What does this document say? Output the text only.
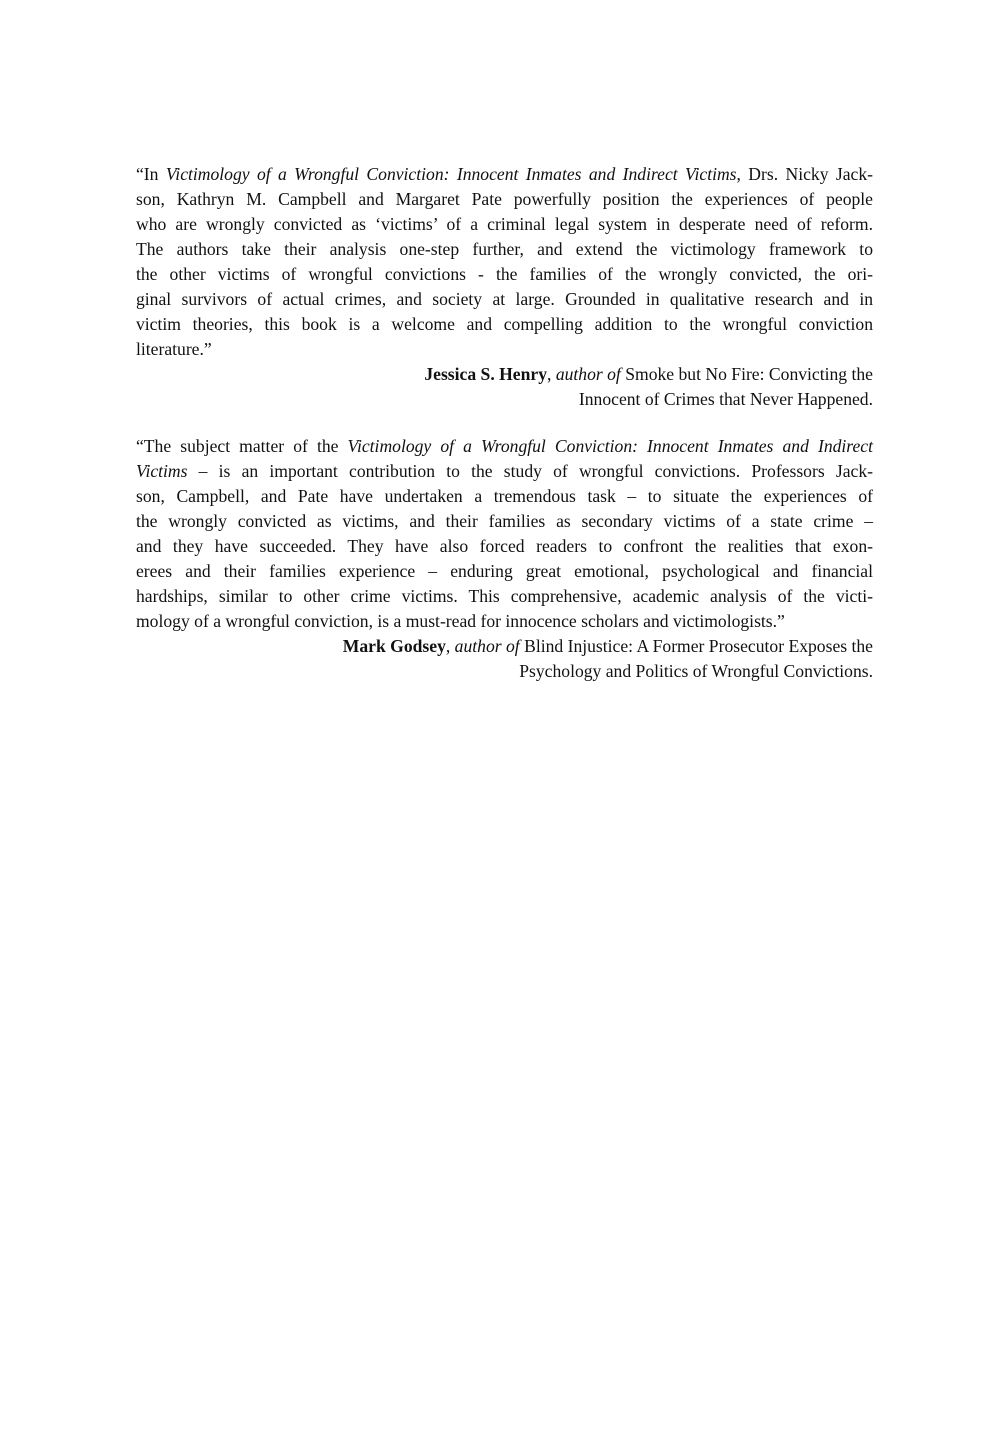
“In Victimology of a Wrongful Conviction: Innocent Inmates and Indirect Victims, Drs. Nicky Jack-
son, Kathryn M. Campbell and Margaret Pate powerfully position the experiences of people
who are wrongly convicted as ‘victims’ of a criminal legal system in desperate need of reform.
The authors take their analysis one-step further, and extend the victimology framework to
the other victims of wrongful convictions - the families of the wrongly convicted, the ori-
ginal survivors of actual crimes, and society at large. Grounded in qualitative research and in
victim theories, this book is a welcome and compelling addition to the wrongful conviction
literature.”
Jessica S. Henry, author of Smoke but No Fire: Convicting the
Innocent of Crimes that Never Happened.
“The subject matter of the Victimology of a Wrongful Conviction: Innocent Inmates and Indirect
Victims – is an important contribution to the study of wrongful convictions. Professors Jack-
son, Campbell, and Pate have undertaken a tremendous task – to situate the experiences of
the wrongly convicted as victims, and their families as secondary victims of a state crime –
and they have succeeded. They have also forced readers to confront the realities that exon-
erees and their families experience – enduring great emotional, psychological and financial
hardships, similar to other crime victims. This comprehensive, academic analysis of the victi-
mology of a wrongful conviction, is a must-read for innocence scholars and victimologists.”
Mark Godsey, author of Blind Injustice: A Former Prosecutor Exposes the
Psychology and Politics of Wrongful Convictions.
